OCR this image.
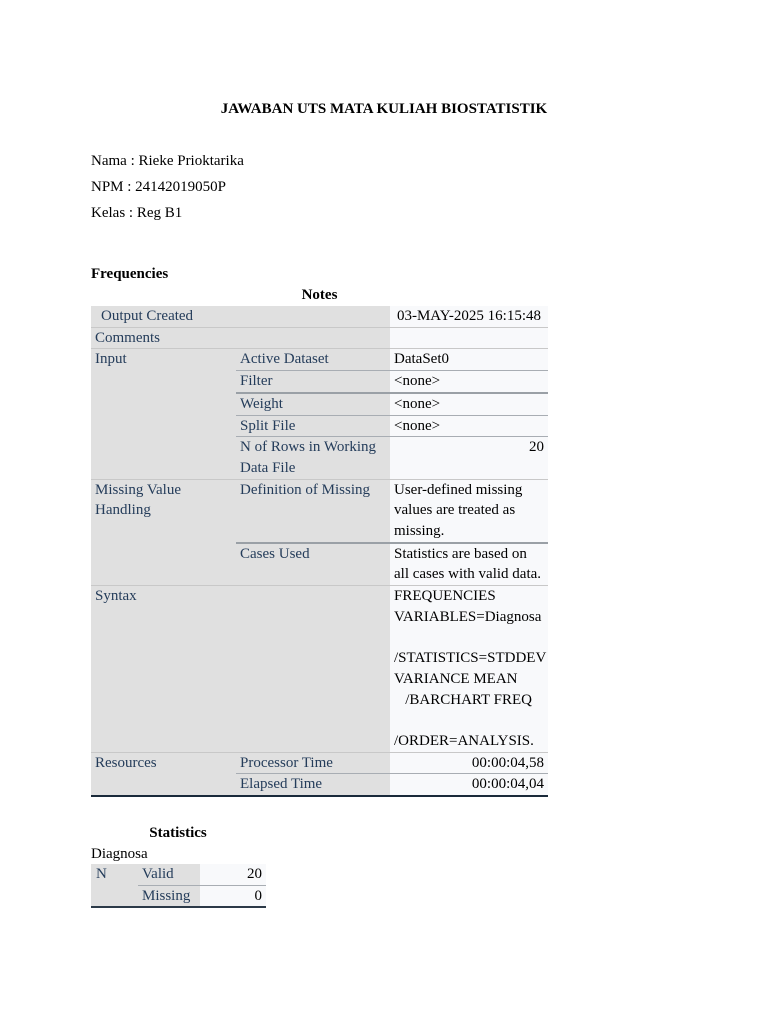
JAWABAN UTS MATA KULIAH BIOSTATISTIK
Nama : Rieke Prioktarika
NPM : 24142019050P
Kelas : Reg B1
Frequencies
Notes
Output Created		03-MAY-2025 16:15:48
Comments		
Input	Active Dataset	DataSet0
	Filter	<none>
	Weight	<none>
	Split File	<none>
	N of Rows in Working Data File	20
Missing Value Handling	Definition of Missing	User-defined missing values are treated as missing.
	Cases Used	Statistics are based on all cases with valid data.
Syntax		FREQUENCIES VARIABLES=Diagnosa

/STATISTICS=STDDEV VARIANCE MEAN
/BARCHART FREQ

/ORDER=ANALYSIS.
Resources	Processor Time	00:00:04,58
	Elapsed Time	00:00:04,04
Statistics
Diagnosa
N	Valid	20
	Missing	0
